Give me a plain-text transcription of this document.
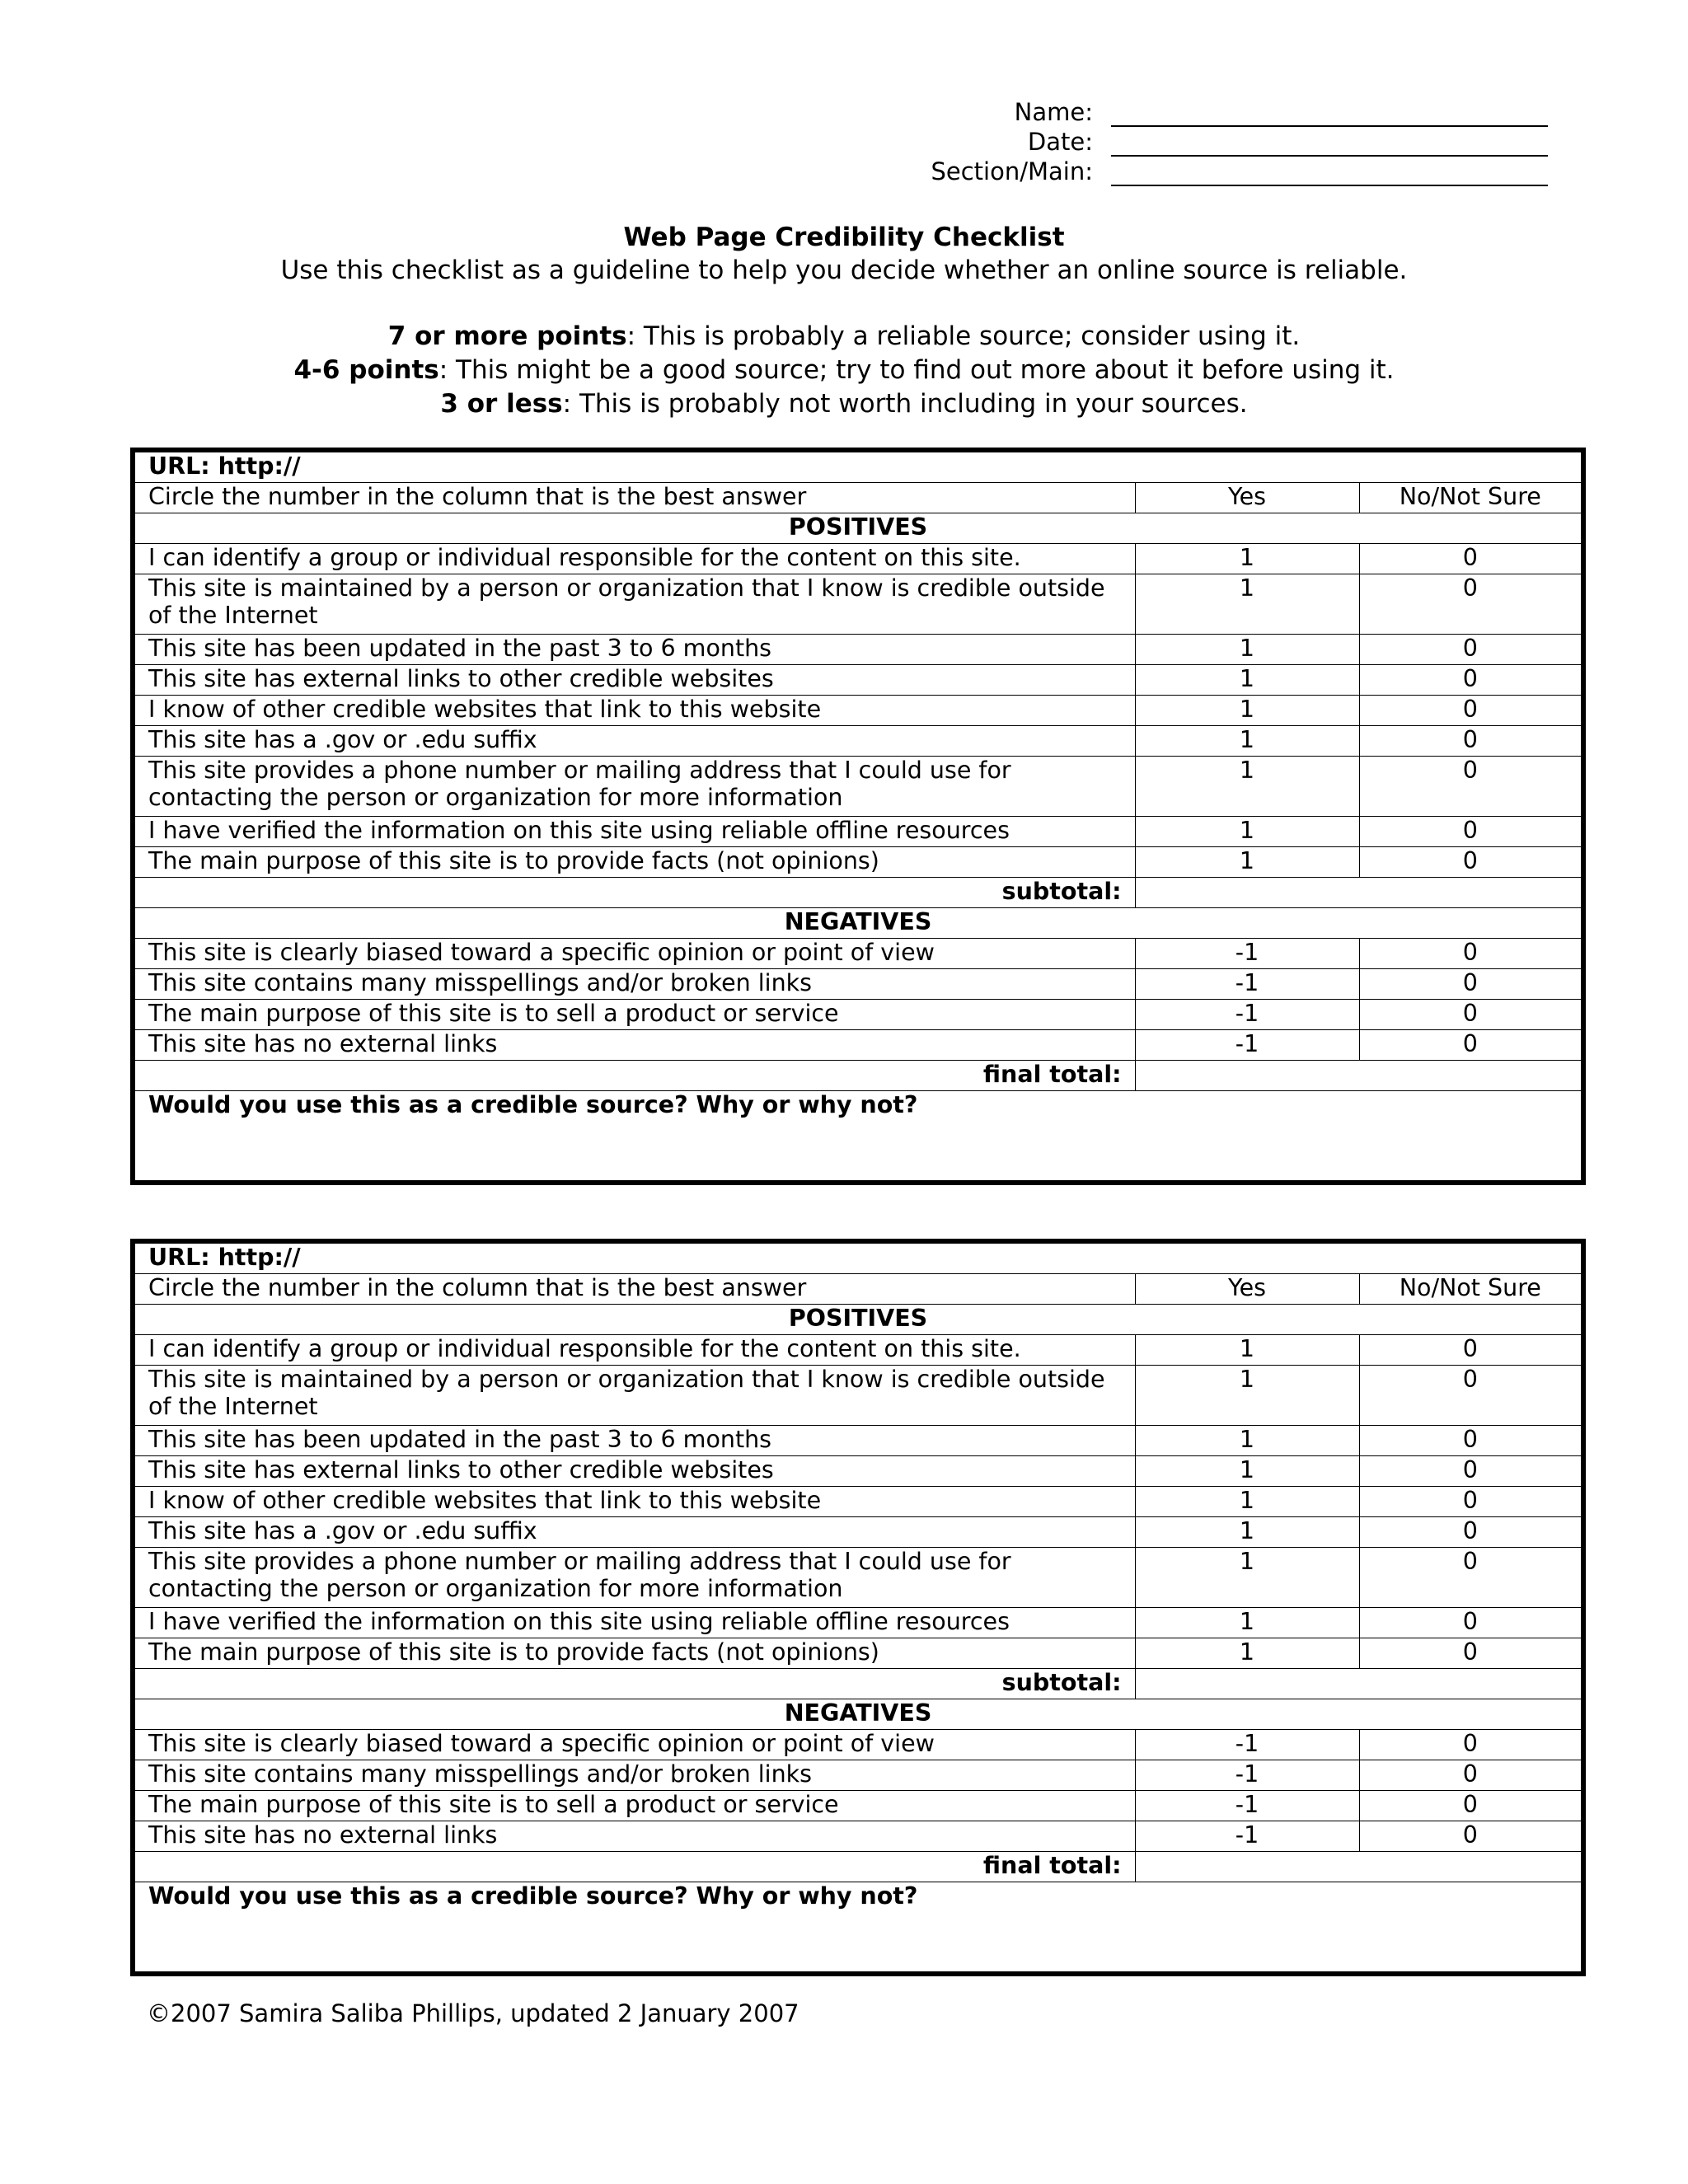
Name:
Date:
Section/Main:
Web Page Credibility Checklist
Use this checklist as a guideline to help you decide whether an online source is reliable.
7 or more points: This is probably a reliable source; consider using it.
4-6 points: This might be a good source; try to find out more about it before using it.
3 or less: This is probably not worth including in your sources.
URL: http://		
Circle the number in the column that is the best answer	Yes	No/Not Sure
POSITIVES		
I can identify a group or individual responsible for the content on this site.	1	0
This site is maintained by a person or organization that I know is credible outside of the Internet	1	0
This site has been updated in the past 3 to 6 months	1	0
This site has external links to other credible websites	1	0
I know of other credible websites that link to this website	1	0
This site has a .gov or .edu suffix	1	0
This site provides a phone number or mailing address that I could use for contacting the person or organization for more information	1	0
I have verified the information on this site using reliable offline resources	1	0
The main purpose of this site is to provide facts (not opinions)	1	0
subtotal:		
NEGATIVES		
This site is clearly biased toward a specific opinion or point of view	-1	0
This site contains many misspellings and/or broken links	-1	0
The main purpose of this site is to sell a product or service	-1	0
This site has no external links	-1	0
final total:		
Would you use this as a credible source? Why or why not?		
URL: http://		
Circle the number in the column that is the best answer	Yes	No/Not Sure
POSITIVES		
I can identify a group or individual responsible for the content on this site.	1	0
This site is maintained by a person or organization that I know is credible outside of the Internet	1	0
This site has been updated in the past 3 to 6 months	1	0
This site has external links to other credible websites	1	0
I know of other credible websites that link to this website	1	0
This site has a .gov or .edu suffix	1	0
This site provides a phone number or mailing address that I could use for contacting the person or organization for more information	1	0
I have verified the information on this site using reliable offline resources	1	0
The main purpose of this site is to provide facts (not opinions)	1	0
subtotal:		
NEGATIVES		
This site is clearly biased toward a specific opinion or point of view	-1	0
This site contains many misspellings and/or broken links	-1	0
The main purpose of this site is to sell a product or service	-1	0
This site has no external links	-1	0
final total:		
Would you use this as a credible source? Why or why not?		
©2007 Samira Saliba Phillips, updated 2 January 2007
